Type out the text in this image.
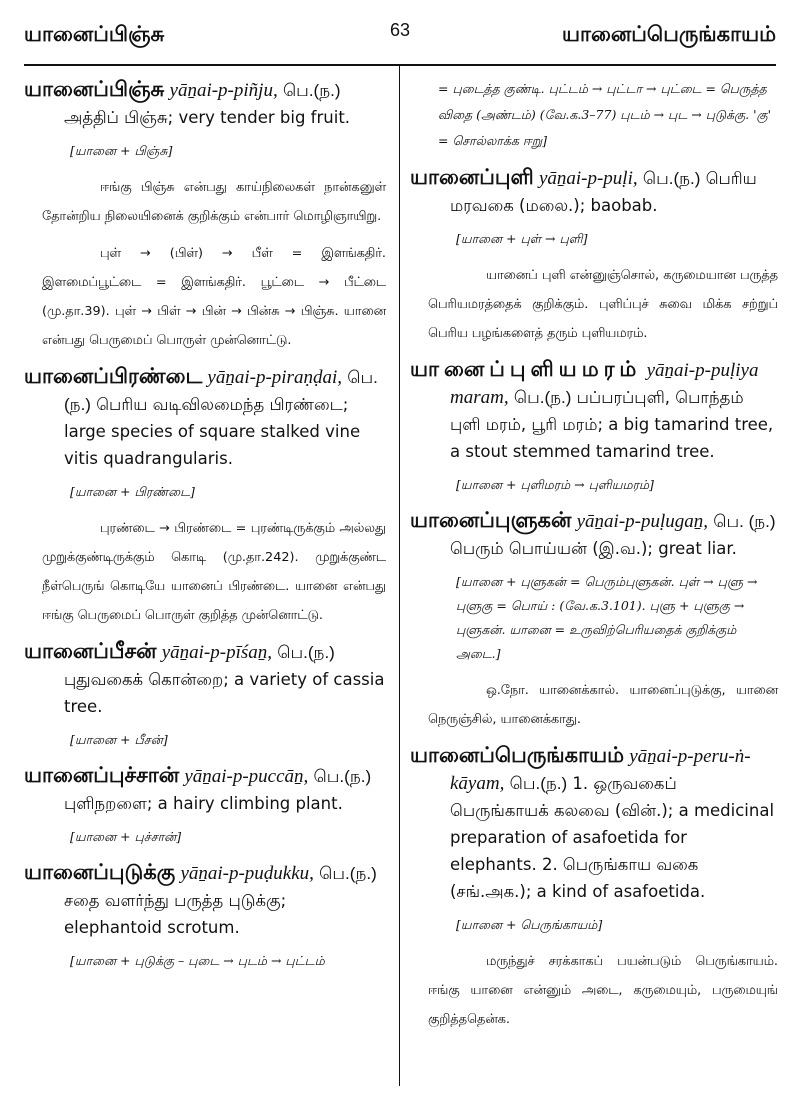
யானைப்பிஞ்சு	63	யானைப்பெருங்காயம்
யானைப்பிஞ்சு yāṉai-p-piñju, பெ.(ந.) அத்திப் பிஞ்சு; very tender big fruit.
[யானை + பிஞ்சு]
ஈங்கு பிஞ்சு என்பது காய்நிலைகள் நான்கனுள் தோன்றிய நிலையினைக் குறிக்கும் என்பார் மொழிஞாயிறு.
புள் → (பிள்) → பீள் = இளங்கதிர். இளமைப்பூட்டை = இளங்கதிர். பூட்டை → பீட்டை (மு.தா.39). புள் → பிள் → பின் → பின்சு → பிஞ்சு. யானை என்பது பெருமைப் பொருள் முன்னொட்டு.
யானைப்பிரண்டை yāṉai-p-piraṇḍai, பெ.(ந.) பெரிய வடிவிலமைந்த பிரண்டை; large species of square stalked vine vitis quadrangularis.
[யானை + பிரண்டை]
புரண்டை → பிரண்டை = புரண்டிருக்கும் அல்லது முறுக்குண்டிருக்கும் கொடி (மு.தா.242). முறுக்குண்ட நீள்பெருங் கொடியே யானைப் பிரண்டை. யானை என்பது ஈங்கு பெருமைப் பொருள் குறித்த முன்னொட்டு.
யானைப்பீசன் yāṉai-p-pīśaṉ, பெ.(ந.) புதுவகைக் கொன்றை; a variety of cassia tree.
[யானை + பீசன்]
யானைப்புச்சான் yāṉai-p-puccāṉ, பெ.(ந.) புளிநறளை; a hairy climbing plant.
[யானை + புச்சான்]
யானைப்புடுக்கு yāṉai-p-puḍukku, பெ.(ந.) சதை வளர்ந்து பருத்த புடுக்கு; elephantoid scrotum.
[யானை + புடுக்கு – புடை → புடம் → புட்டம்
= புடைத்த குண்டி. புட்டம் → புட்டா → புட்டை = பெருத்த விதை (அண்டம்) (வே.க.3–77) புடம் → புட → புடுக்கு. 'கு' = சொல்லாக்க ஈறு]
யானைப்புளி yāṉai-p-puḷi, பெ.(ந.) பெரிய மரவகை (மலை.); baobab.
[யானை + புள் → புளி]
யானைப் புளி என்னுஞ்சொல், கருமையான பருத்த பெரியமரத்தைக் குறிக்கும். புளிப்புச் சுவை மிக்க சற்றுப் பெரிய பழங்களைத் தரும் புளியமரம்.
யானைப்புளியமரம் yāṉai-p-puḷiya maram, பெ.(ந.) பப்பரப்புளி, பொந்தம் புளி மரம், பூரி மரம்; a big tamarind tree, a stout stemmed tamarind tree.
[யானை + புளிமரம் → புளியமரம்]
யானைப்புளுகன் yāṉai-p-puḷugaṉ, பெ. (ந.) பெரும் பொய்யன் (இ.வ.); great liar.
[யானை + புளுகன் = பெரும்புளுகன். புள் → புளு → புளுகு = பொய் : (வே.க.3.101). புளு + புளுகு → புளுகன். யானை = உருவிற்பெரியதைக் குறிக்கும் அடை.]
ஒ.நோ. யானைக்கால். யானைப்புடுக்கு, யானை நெருஞ்சில், யானைக்காது.
யானைப்பெருங்காயம் yāṉai-p-peru-ṅ-kāyam, பெ.(ந.) 1. ஒருவகைப் பெருங்காயக் கலவை (வின்.); a medicinal preparation of asafoetida for elephants. 2. பெருங்காய வகை (சங்.அக.); a kind of asafoetida.
[யானை + பெருங்காயம்]
மருந்துச் சரக்காகப் பயன்படும் பெருங்காயம். ஈங்கு யானை என்னும் அடை, கருமையும், பருமையுங் குறித்ததென்க.
